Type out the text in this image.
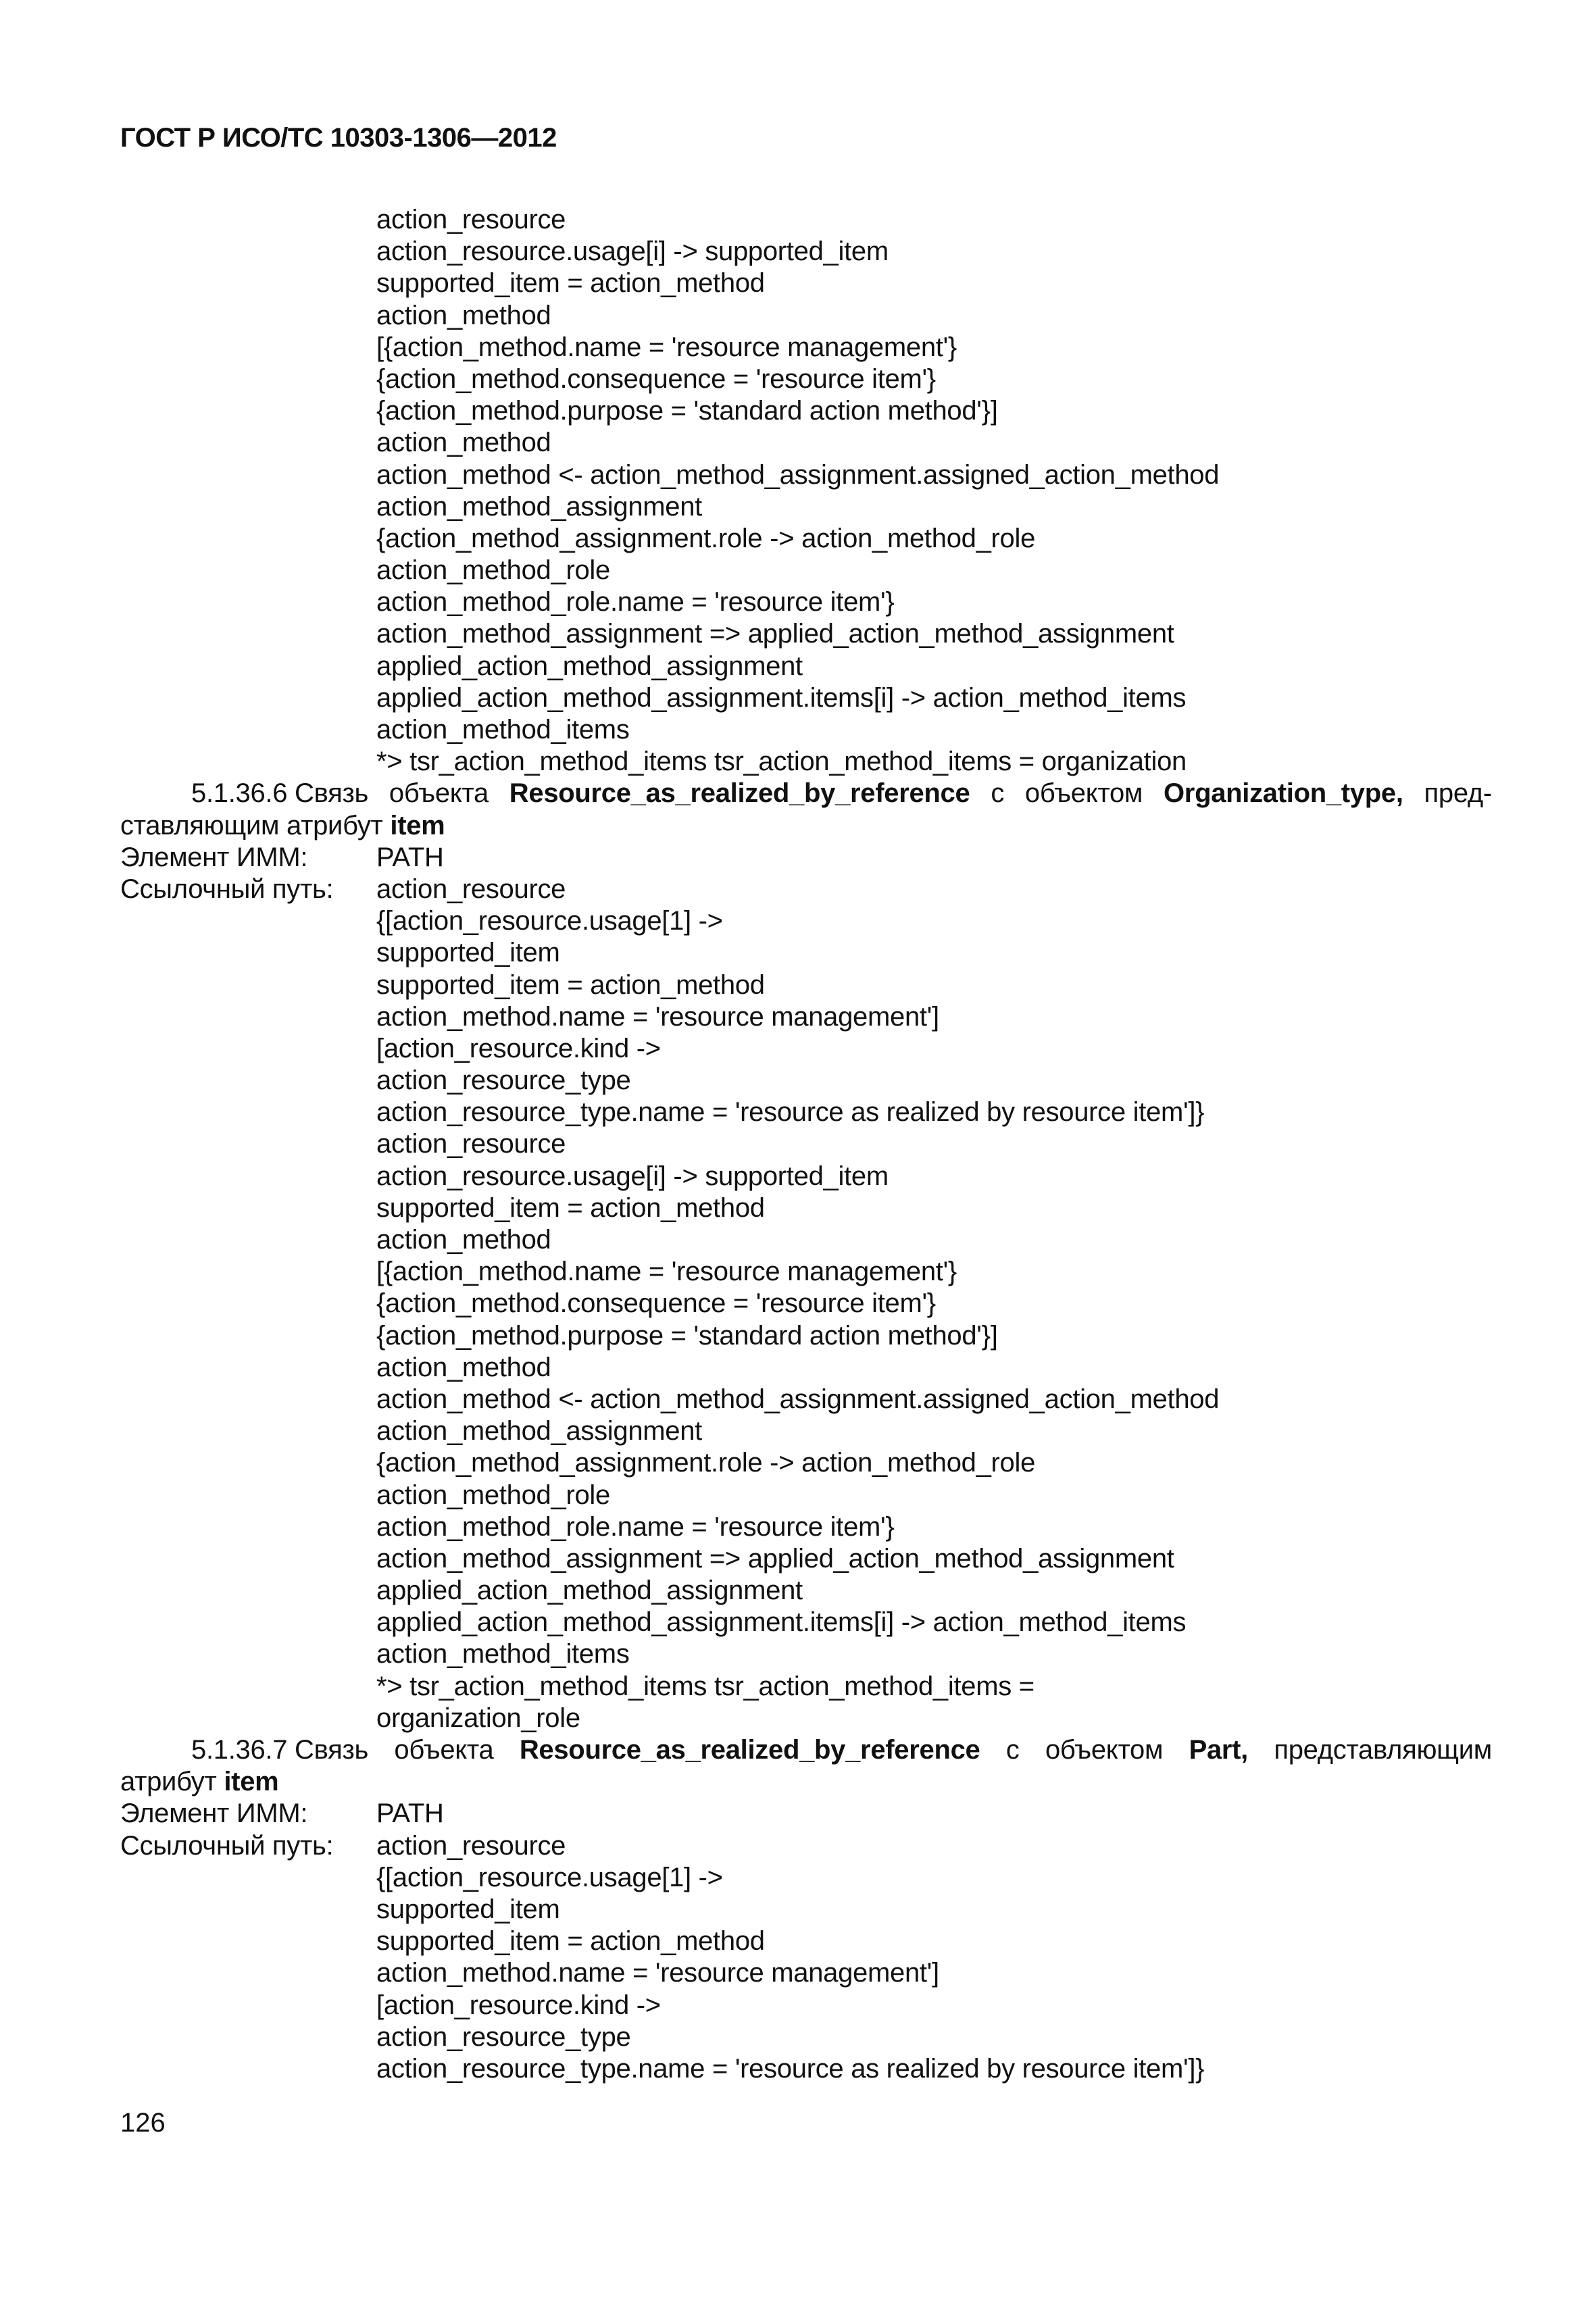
ГОСТ Р ИСО/ТС 10303-1306—2012
action_resource
action_resource.usage[i] -> supported_item
supported_item = action_method
action_method
[{action_method.name = 'resource management'}
{action_method.consequence = 'resource item'}
{action_method.purpose = 'standard action method'}]
action_method
action_method <- action_method_assignment.assigned_action_method
action_method_assignment
{action_method_assignment.role -> action_method_role
action_method_role
action_method_role.name = 'resource item'}
action_method_assignment => applied_action_method_assignment
applied_action_method_assignment
applied_action_method_assignment.items[i] -> action_method_items
action_method_items
*> tsr_action_method_items tsr_action_method_items = organization
5.1.36.6 Связь объекта Resource_as_realized_by_reference с объектом Organization_type, пред-
ставляющим атрибут item
Элемент ИММ:	PATH
Ссылочный путь:	action_resource
{[action_resource.usage[1] ->
supported_item
supported_item = action_method
action_method.name = 'resource management']
[action_resource.kind ->
action_resource_type
action_resource_type.name = 'resource as realized by resource item']}
action_resource
action_resource.usage[i] -> supported_item
supported_item = action_method
action_method
[{action_method.name = 'resource management'}
{action_method.consequence = 'resource item'}
{action_method.purpose = 'standard action method'}]
action_method
action_method <- action_method_assignment.assigned_action_method
action_method_assignment
{action_method_assignment.role -> action_method_role
action_method_role
action_method_role.name = 'resource item'}
action_method_assignment => applied_action_method_assignment
applied_action_method_assignment
applied_action_method_assignment.items[i] -> action_method_items
action_method_items
*> tsr_action_method_items tsr_action_method_items =
organization_role
5.1.36.7 Связь объекта Resource_as_realized_by_reference с объектом Part, представляющим
атрибут item
Элемент ИММ:	PATH
Ссылочный путь:	action_resource
{[action_resource.usage[1] ->
supported_item
supported_item = action_method
action_method.name = 'resource management']
[action_resource.kind ->
action_resource_type
action_resource_type.name = 'resource as realized by resource item']}
126
